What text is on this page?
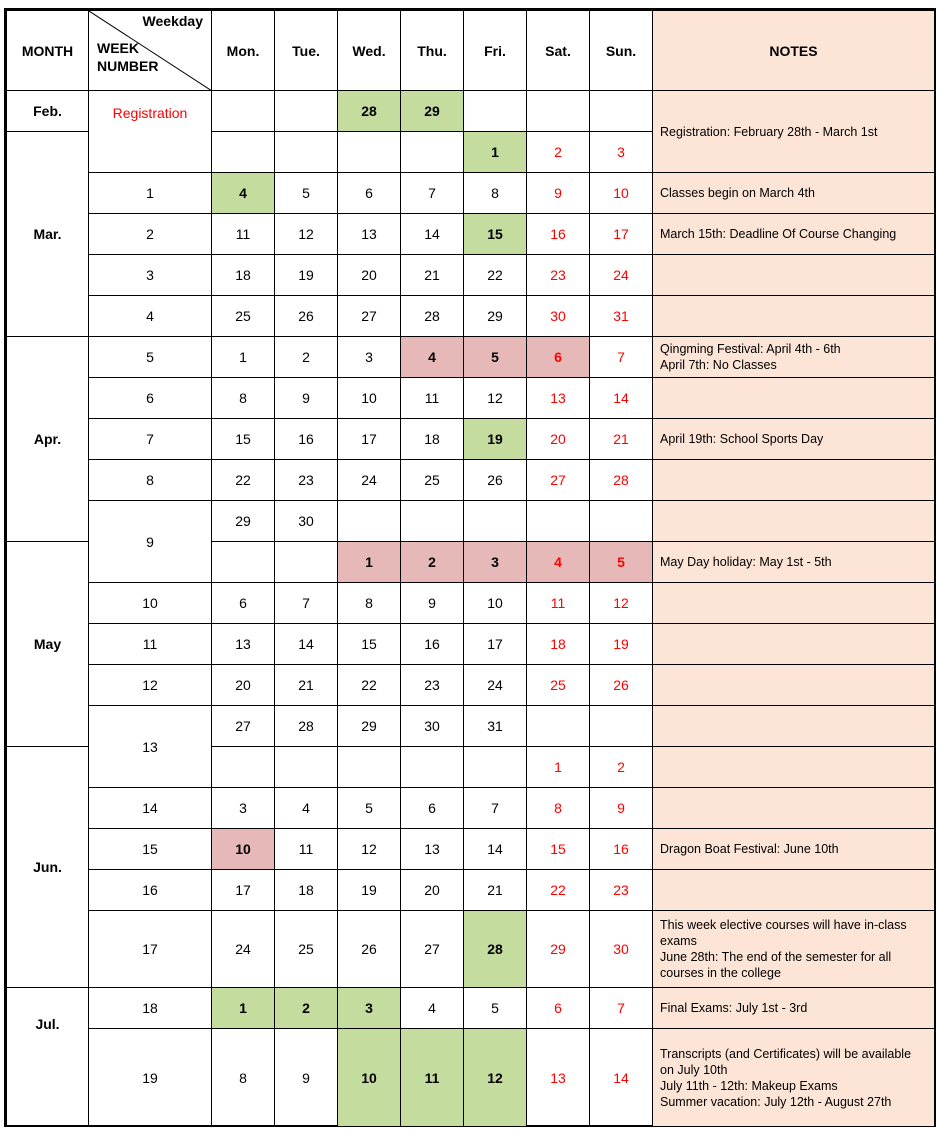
MONTH	Weekday
WEEK
NUMBER	Mon.	Tue.	Wed.	Thu.	Fri.	Sat.	Sun.	NOTES
Feb.	Registration			28	29				Registration: February 28th - March 1st
Mar.						1	2	3	
	1	4	5	6	7	8	9	10	Classes begin on March 4th
	2	11	12	13	14	15	16	17	March 15th: Deadline Of Course Changing
	3	18	19	20	21	22	23	24	
	4	25	26	27	28	29	30	31	
Apr.	5	1	2	3	4	5	6	7	Qingming Festival: April 4th - 6th
April 7th: No Classes
	6	8	9	10	11	12	13	14	
	7	15	16	17	18	19	20	21	April 19th: School Sports Day
	8	22	23	24	25	26	27	28	
	9	29	30						
May				1	2	3	4	5	May Day holiday: May 1st - 5th
	10	6	7	8	9	10	11	12	
	11	13	14	15	16	17	18	19	
	12	20	21	22	23	24	25	26	
	13	27	28	29	30	31			
Jun.							1	2	
	14	3	4	5	6	7	8	9	
	15	10	11	12	13	14	15	16	Dragon Boat Festival: June 10th
	16	17	18	19	20	21	22	23	
	17	24	25	26	27	28	29	30	This week elective courses will have in-class exams
June 28th: The end of the semester for all courses in the college
Jul.	18	1	2	3	4	5	6	7	Final Exams: July 1st - 3rd
	19	8	9	10	11	12	13	14	Transcripts (and Certificates) will be available on July 10th
July 11th - 12th: Makeup Exams
Summer vacation: July 12th - August 27th
